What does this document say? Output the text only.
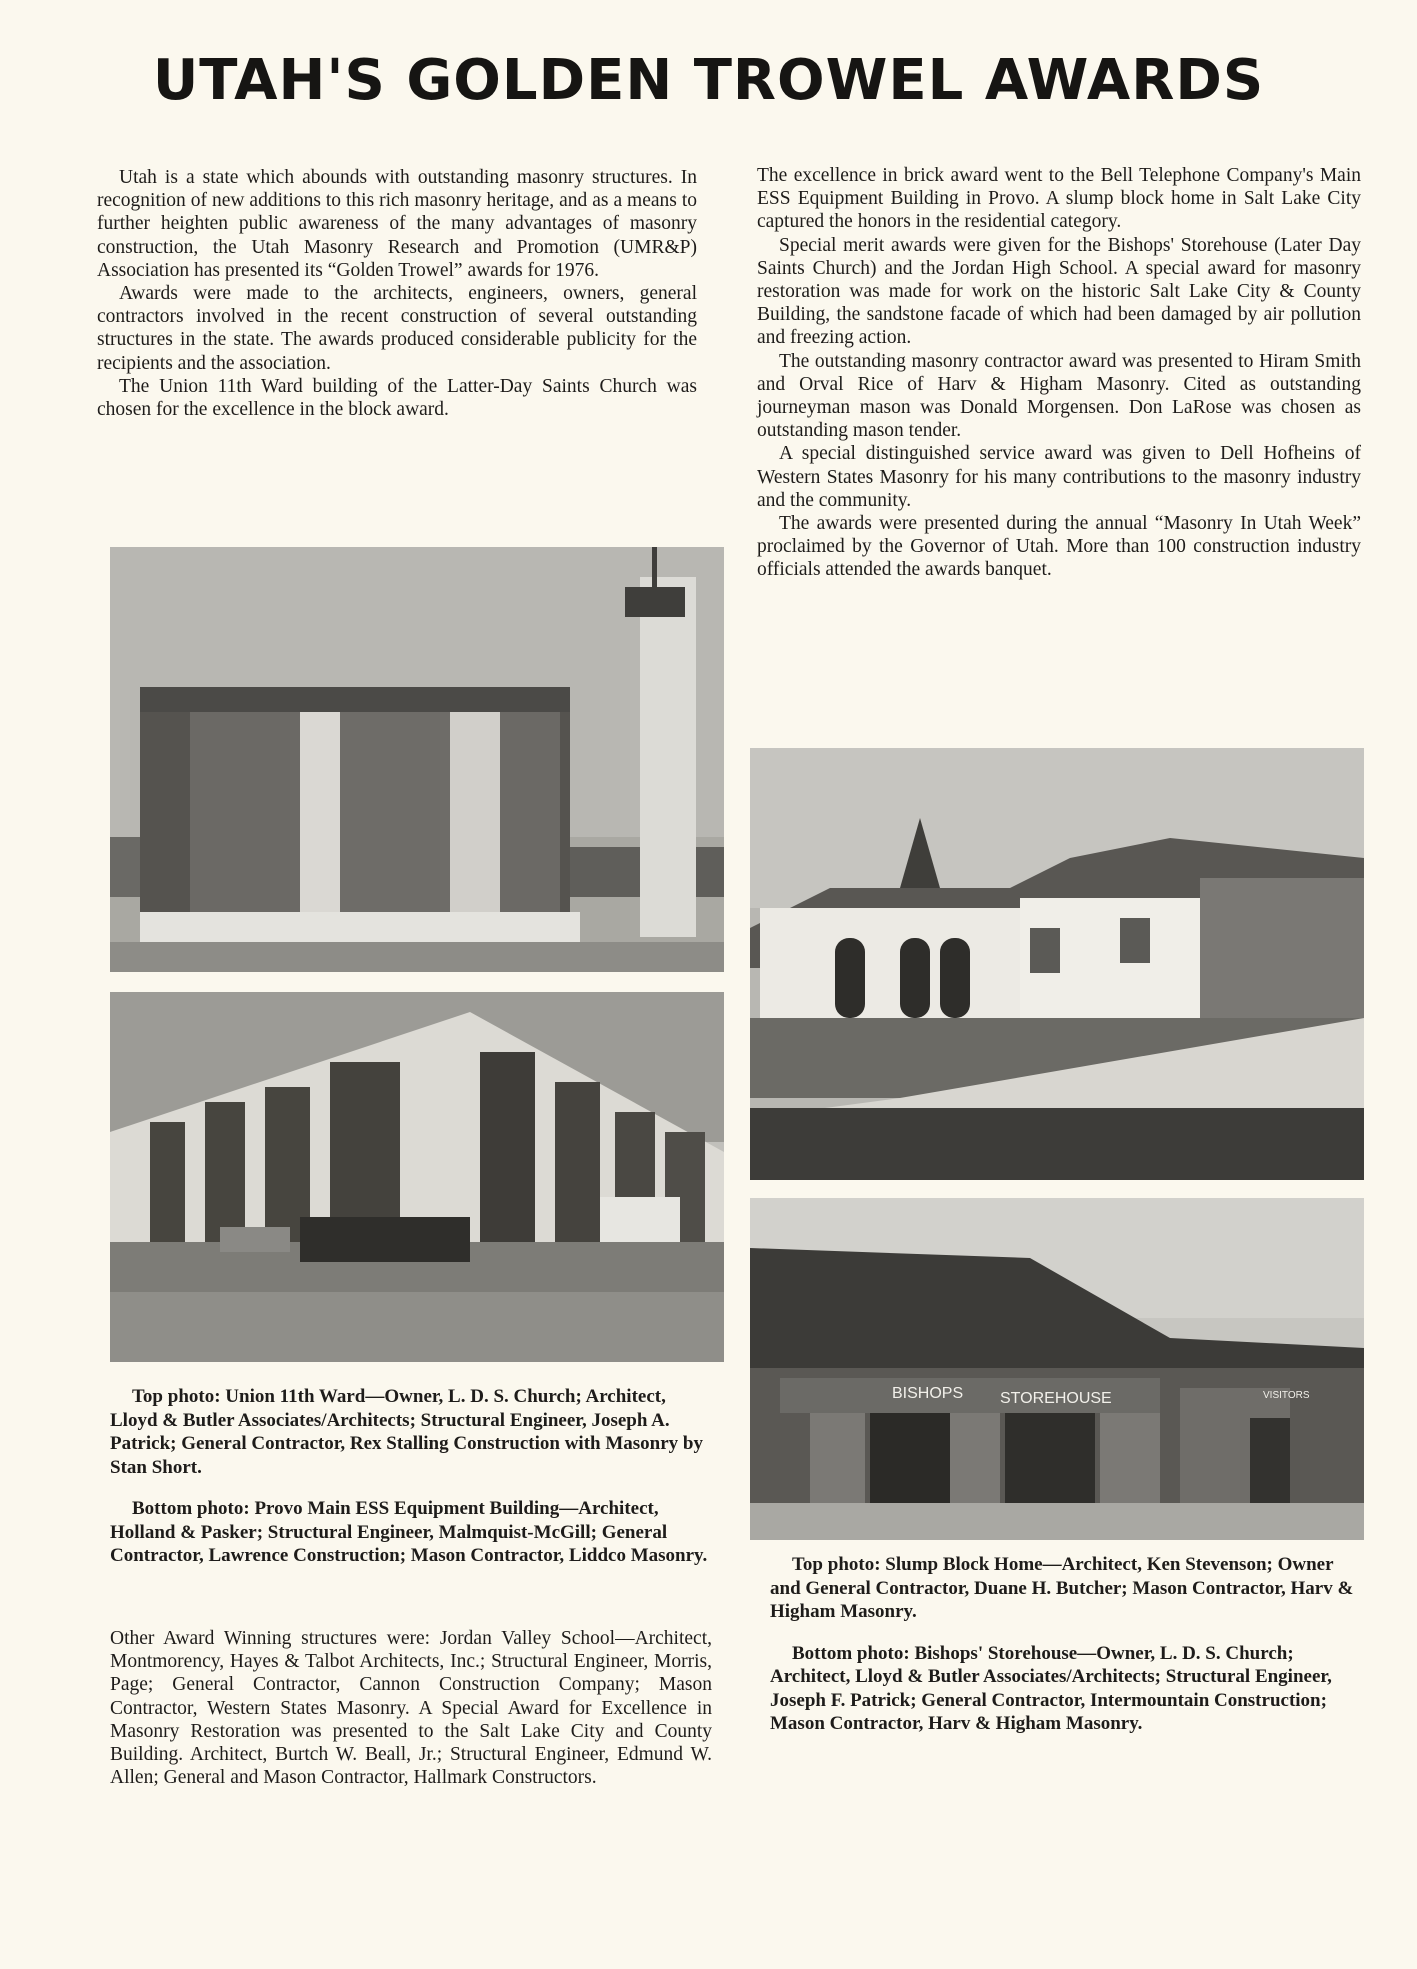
UTAH'S GOLDEN TROWEL AWARDS

Utah is a state which abounds with outstanding masonry structures. In recognition of new additions to this rich masonry heritage, and as a means to further heighten public awareness of the many advantages of masonry construction, the Utah Masonry Research and Promotion (UMR&P) Association has presented its “Golden Trowel” awards for 1976.

Awards were made to the architects, engineers, owners, general contractors involved in the recent construction of several outstanding structures in the state. The awards produced considerable publicity for the recipients and the association.

The Union 11th Ward building of the Latter-Day Saints Church was chosen for the excellence in the block award.

The excellence in brick award went to the Bell Telephone Company's Main ESS Equipment Building in Provo. A slump block home in Salt Lake City captured the honors in the residential category.

Special merit awards were given for the Bishops' Storehouse (Later Day Saints Church) and the Jordan High School. A special award for masonry restoration was made for work on the historic Salt Lake City & County Building, the sandstone facade of which had been damaged by air pollution and freezing action.

The outstanding masonry contractor award was presented to Hiram Smith and Orval Rice of Harv & Higham Masonry. Cited as outstanding journeyman mason was Donald Morgensen. Don LaRose was chosen as outstanding mason tender.

A special distinguished service award was given to Dell Hofheins of Western States Masonry for his many contributions to the masonry industry and the community.

The awards were presented during the annual “Masonry In Utah Week” proclaimed by the Governor of Utah. More than 100 construction industry officials attended the awards banquet.

BISHOPS STOREHOUSE	VISITORS

Top photo: Union 11th Ward—Owner, L. D. S. Church; Architect, Lloyd & Butler Associates/Architects; Structural Engineer, Joseph A. Patrick; General Contractor, Rex Stalling Construction with Masonry by Stan Short.

Bottom photo: Provo Main ESS Equipment Building—Architect, Holland & Pasker; Structural Engineer, Malmquist-McGill; General Contractor, Lawrence Construction; Mason Contractor, Liddco Masonry.

Other Award Winning structures were: Jordan Valley School—Architect, Montmorency, Hayes & Talbot Architects, Inc.; Structural Engineer, Morris, Page; General Contractor, Cannon Construction Company; Mason Contractor, Western States Masonry. A Special Award for Excellence in Masonry Restoration was presented to the Salt Lake City and County Building. Architect, Burtch W. Beall, Jr.; Structural Engineer, Edmund W. Allen; General and Mason Contractor, Hallmark Constructors.

Top photo: Slump Block Home—Architect, Ken Stevenson; Owner and General Contractor, Duane H. Butcher; Mason Contractor, Harv & Higham Masonry.

Bottom photo: Bishops' Storehouse—Owner, L. D. S. Church; Architect, Lloyd & Butler Associates/Architects; Structural Engineer, Joseph F. Patrick; General Contractor, Intermountain Construction; Mason Contractor, Harv & Higham Masonry.
